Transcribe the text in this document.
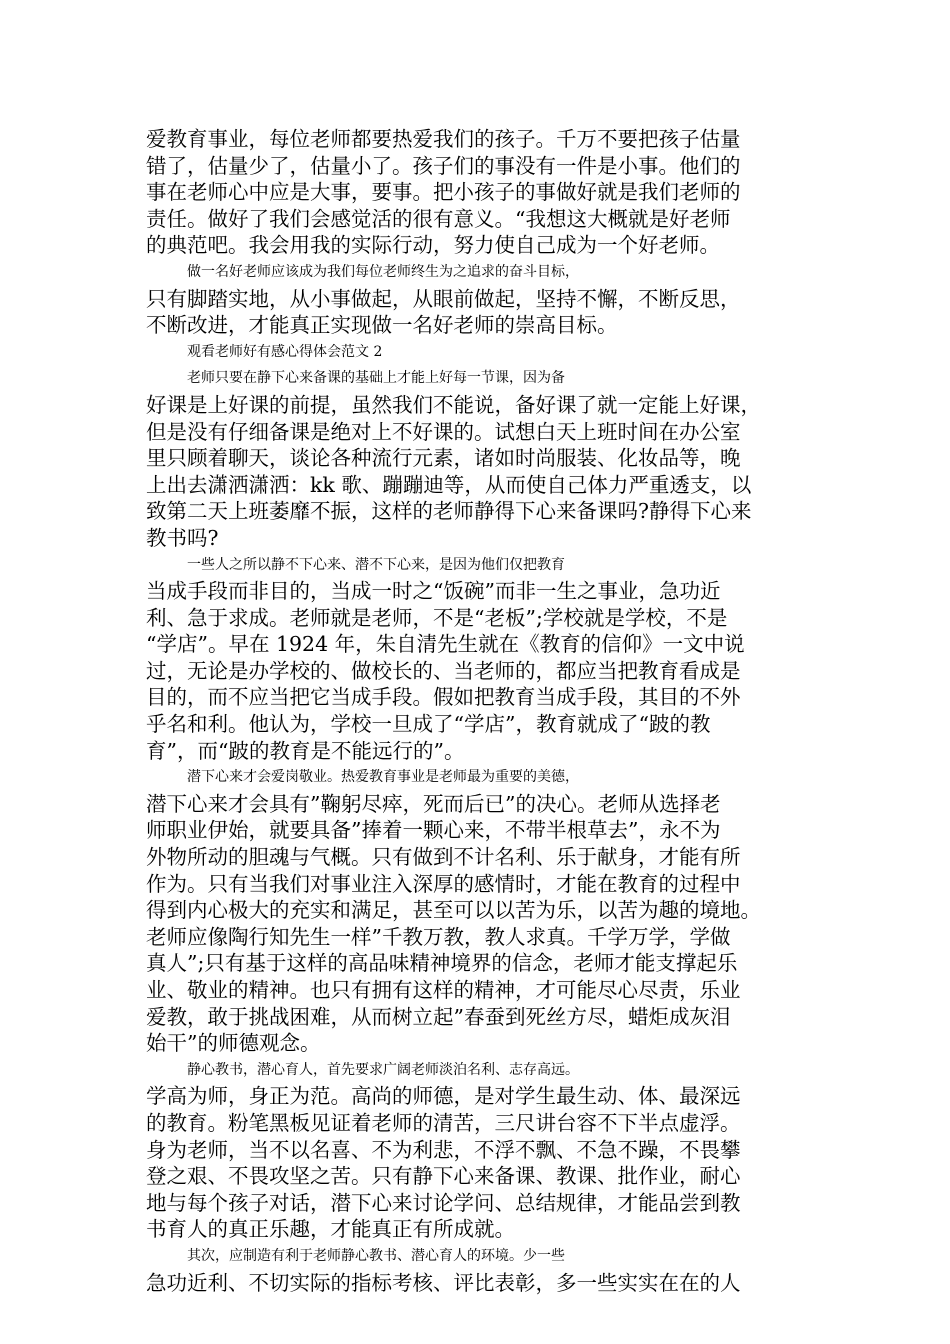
爱教育事业，每位老师都要热爱我们的孩子。千万不要把孩子估量
错了，估量少了，估量小了。孩子们的事没有一件是小事。他们的
事在老师心中应是大事，要事。把小孩子的事做好就是我们老师的
责任。做好了我们会感觉活的很有意义。“我想这大概就是好老师
的典范吧。我会用我的实际行动，努力使自己成为一个好老师。
做一名好老师应该成为我们每位老师终生为之追求的奋斗目标，
只有脚踏实地，从小事做起，从眼前做起，坚持不懈，不断反思，
不断改进，才能真正实现做一名好老师的崇高目标。
观看老师好有感心得体会范文 2
老师只要在静下心来备课的基础上才能上好每一节课，因为备
好课是上好课的前提，虽然我们不能说，备好课了就一定能上好课，
但是没有仔细备课是绝对上不好课的。试想白天上班时间在办公室
里只顾着聊天，谈论各种流行元素，诸如时尚服装、化妆品等，晚
上出去潇洒潇洒：kk 歌、蹦蹦迪等，从而使自己体力严重透支，以
致第二天上班萎靡不振，这样的老师静得下心来备课吗?静得下心来
教书吗?
一些人之所以静不下心来、潜不下心来，是因为他们仅把教育
当成手段而非目的，当成一时之“饭碗”而非一生之事业，急功近
利、急于求成。老师就是老师，不是“老板”;学校就是学校，不是
“学店”。早在 1924 年，朱自清先生就在《教育的信仰》一文中说
过，无论是办学校的、做校长的、当老师的，都应当把教育看成是
目的，而不应当把它当成手段。假如把教育当成手段，其目的不外
乎名和利。他认为，学校一旦成了“学店”，教育就成了“跛的教
育”，而“跛的教育是不能远行的”。
潜下心来才会爱岗敬业。热爱教育事业是老师最为重要的美德，
潜下心来才会具有”鞠躬尽瘁，死而后已”的决心。老师从选择老
师职业伊始，就要具备”捧着一颗心来，不带半根草去”，永不为
外物所动的胆魂与气概。只有做到不计名利、乐于献身，才能有所
作为。只有当我们对事业注入深厚的感情时，才能在教育的过程中
得到内心极大的充实和满足，甚至可以以苦为乐，以苦为趣的境地。
老师应像陶行知先生一样”千教万教，教人求真。千学万学，学做
真人”;只有基于这样的高品味精神境界的信念，老师才能支撑起乐
业、敬业的精神。也只有拥有这样的精神，才可能尽心尽责，乐业
爱教，敢于挑战困难，从而树立起”春蚕到死丝方尽，蜡炬成灰泪
始干”的师德观念。
静心教书，潜心育人，首先要求广阔老师淡泊名利、志存高远。
学高为师，身正为范。高尚的师德，是对学生最生动、体、最深远
的教育。粉笔黑板见证着老师的清苦，三尺讲台容不下半点虚浮。
身为老师，当不以名喜、不为利悲，不浮不飘、不急不躁，不畏攀
登之艰、不畏攻坚之苦。只有静下心来备课、教课、批作业，耐心
地与每个孩子对话，潜下心来讨论学问、总结规律，才能品尝到教
书育人的真正乐趣，才能真正有所成就。
其次，应制造有利于老师静心教书、潜心育人的环境。少一些
急功近利、不切实际的指标考核、评比表彰，多一些实实在在的人
